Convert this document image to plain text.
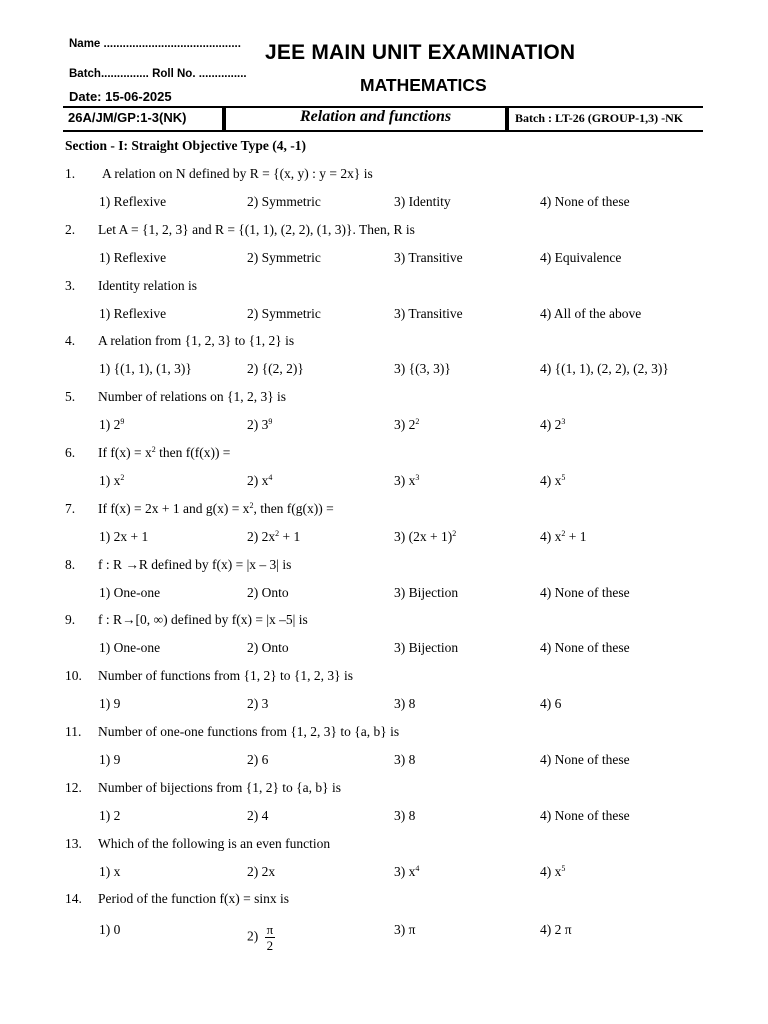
Name ...........................................
Batch............... Roll No. ...............
Date: 15-06-2025
JEE MAIN UNIT EXAMINATION
MATHEMATICS
26A/JM/GP:1-3(NK)	Relation and functions	Batch : LT-26 (GROUP-1,3) -NK
Section - I: Straight Objective Type (4, -1)
1. A relation on N defined by R = {(x, y) : y = 2x} is
1) Reflexive	2) Symmetric	3) Identity	4) None of these
2. Let A = {1, 2, 3} and R = {(1, 1), (2, 2), (1, 3)}. Then, R is
1) Reflexive	2) Symmetric	3) Transitive	4) Equivalence
3. Identity relation is
1) Reflexive	2) Symmetric	3) Transitive	4) All of the above
4. A relation from {1, 2, 3} to {1, 2} is
1) {(1, 1), (1, 3)}	2) {(2, 2)}	3) {(3, 3)}	4) {(1, 1), (2, 2), (2, 3)}
5. Number of relations on {1, 2, 3} is
1) $2^9$	2) $3^9$	3) $2^2$	4) $2^3$
6. If $f(x) = x^2$ then f(f(x)) =
1) $x^2$	2) $x^4$	3) $x^3$	4) $x^5$
7. If f(x) = 2x + 1 and $g(x) = x^2$, then f(g(x)) =
1) 2x + 1	2) $2x^2 + 1$	3) $(2x + 1)^2$	4) $x^2 + 1$
8. f : R →R defined by f(x) = |x – 3| is
1) One-one	2) Onto	3) Bijection	4) None of these
9. f : R→[0, ∞) defined by f(x) = |x –5| is
1) One-one	2) Onto	3) Bijection	4) None of these
10. Number of functions from {1, 2} to {1, 2, 3} is
1) 9	2) 3	3) 8	4) 6
11. Number of one-one functions from {1, 2, 3} to {a, b} is
1) 9	2) 6	3) 8	4) None of these
12. Number of bijections from {1, 2} to {a, b} is
1) 2	2) 4	3) 8	4) None of these
13. Which of the following is an even function
1) x	2) 2x	3) $x^4$	4) $x^5$
14. Period of the function f(x) = sinx is
1) 0	$2) \frac{\pi}{2}$	3) π	4) 2 π
